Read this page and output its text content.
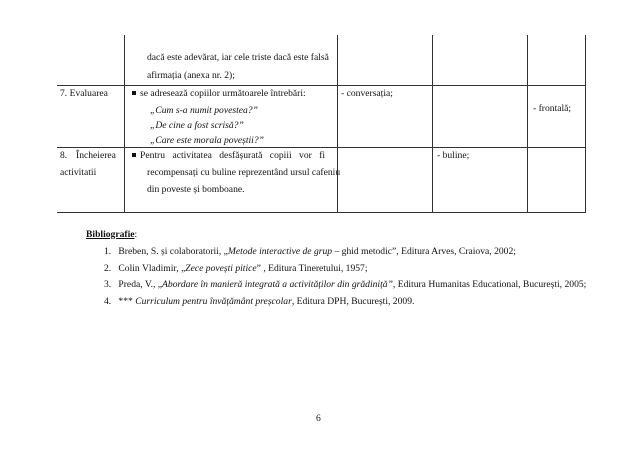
dacă este adevărat, iar cele triste dacă este falsă
afirmația (anexa nr. 2);
7. Evaluarea	se adresează copiilor următoarele întrebări:
„Cum s-a numit povestea?”
„De cine a fost scrisă?”
„Care este morala poveștii?”
- conversația;
- frontală;
8. Încheierea
activitatii
Pentru activitatea desfășurată copiii vor fi
recompensați cu buline reprezentând ursul cafeniu
din poveste și bomboane.
- buline;
Bibliografie:
1. Breben, S. și colaboratorii, „Metode interactive de grup – ghid metodic”, Editura Arves, Craiova, 2002;
2. Colin Vladimir, „Zece povești pitice” , Editura Tineretului, 1957;
3. Preda, V., „Abordare în manieră integrată a activităților din grădiniță”, Editura Humanitas Educational, București, 2005;
4. *** Curriculum pentru învățământ preșcolar, Editura DPH, București, 2009.
6
